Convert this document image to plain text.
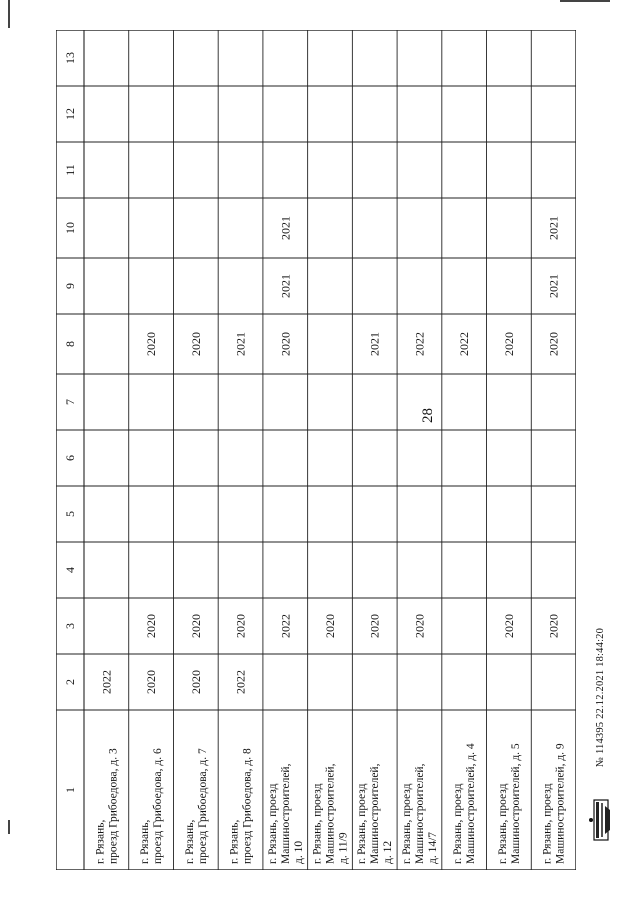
28
1
2
3
4
5
6
7
8
9
10
11
12
13
г. Рязань, проезд Грибоедова, д. 3
2022
г. Рязань, проезд Грибоедова, д. 6
2020
2020
2020
г. Рязань, проезд Грибоедова, д. 7
2020
2020
2020
г. Рязань, проезд Грибоедова, д. 8
2022
2020
2021
г. Рязань, проезд Машиностроителей, д. 10
2022
2020
2021
2021
г. Рязань, проезд Машиностроителей, д. 11/9
2020
г. Рязань, проезд Машиностроителей, д. 12
2020
2021
г. Рязань, проезд Машиностроителей, д. 14/7
2020
2022
г. Рязань, проезд Машиностроителей, д. 4
2022
г. Рязань, проезд Машиностроителей, д. 5
2020
2020
г. Рязань, проезд Машиностроителей, д. 9
2020
2020
2021
2021
№ 114395 22.12.2021 18:44:20
